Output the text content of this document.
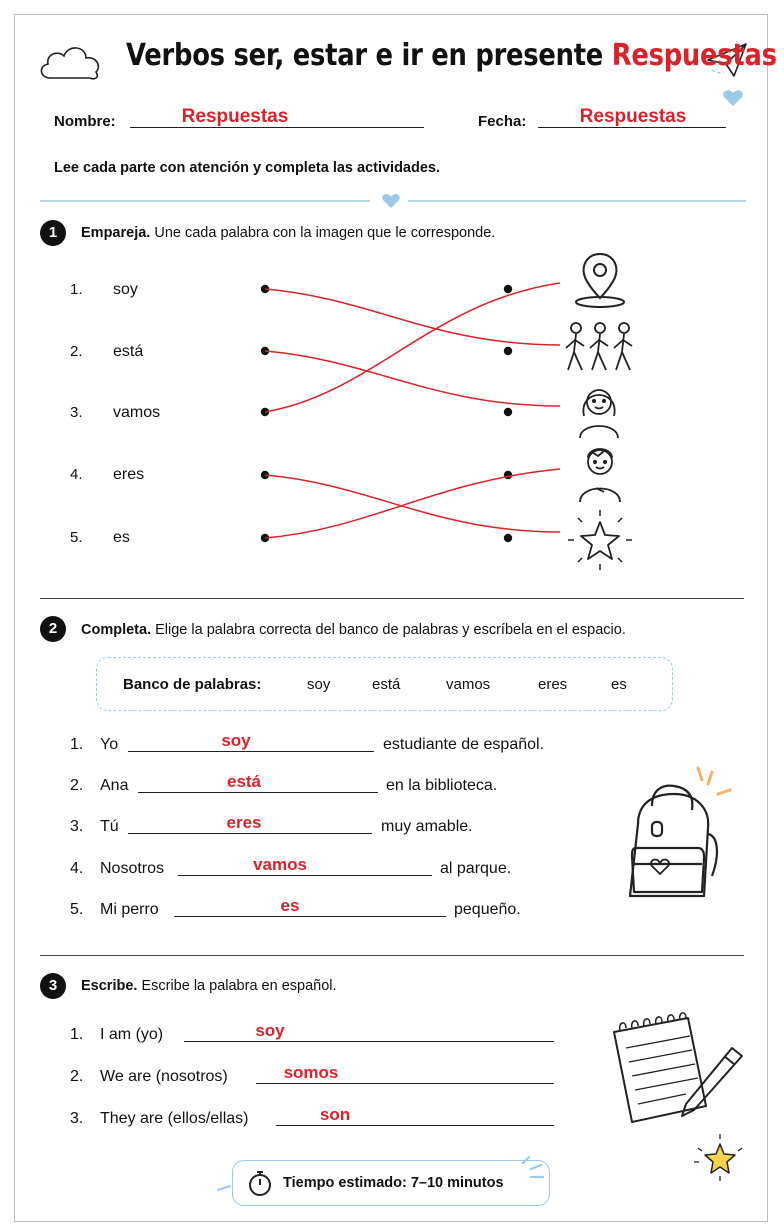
Verbos ser, estar e ir en presente Respuestas
Nombre:	Respuestas	Fecha:	Respuestas
Lee cada parte con atención y completa las actividades.
1	Empareja. Une cada palabra con la imagen que le corresponde.
1. soy
2. está
3. vamos
4. eres
5. es
2	Completa. Elige la palabra correcta del banco de palabras y escríbela en el espacio.
Banco de palabras:	soy	está	vamos	eres	es
1. Yo	soy	estudiante de español.
2. Ana	está	en la biblioteca.
3. Tú	eres	muy amable.
4. Nosotros	vamos	al parque.
5. Mi perro	es	pequeño.
3	Escribe. Escribe la palabra en español.
1. I am (yo)	soy
2. We are (nosotros)	somos
3. They are (ellos/ellas)	son
Tiempo estimado: 7–10 minutos
